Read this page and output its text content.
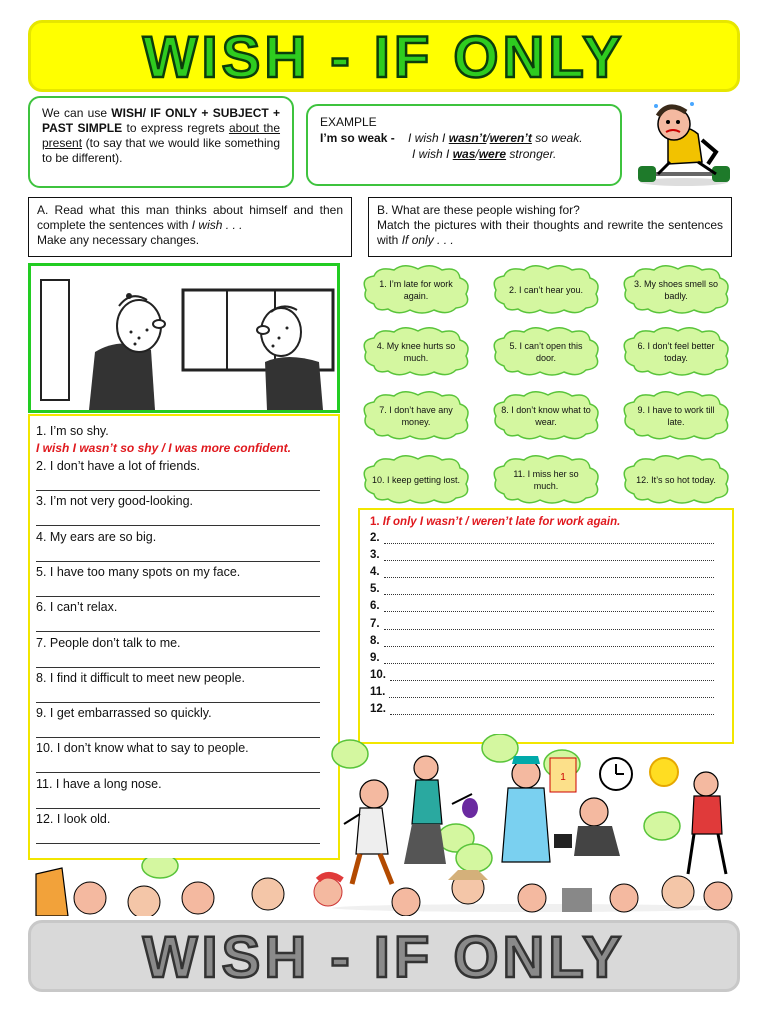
WISH - IF ONLY
We can use WISH/ IF ONLY + SUBJECT + PAST SIMPLE to express regrets about the present (to say that we would like something to be different).
EXAMPLE
I’m so weak - I wish I wasn’t/weren’t so weak.
I wish I was/were stronger.
A. Read what this man thinks about himself and then complete the sentences with I wish . . .
Make any necessary changes.
B. What are these people wishing for?
Match the pictures with their thoughts and rewrite the sentences with If only . . .
1. I’m so shy.
I wish I wasn’t so shy / I was more confident.
2. I don’t have a lot of friends.
3. I’m not very good-looking.
4. My ears are so big.
5. I have too many spots on my face.
6. I can’t relax.
7. People don’t talk to me.
8. I find it difficult to meet new people.
9. I get embarrassed so quickly.
10. I don’t know what to say to people.
11. I have a long nose.
12. I look old.
1. I’m late for work again.
2. I can’t hear you.
3. My shoes smell so badly.
4. My knee hurts so much.
5. I can’t open this door.
6. I don’t feel better today.
7. I don’t have any money.
8. I don’t know what to wear.
9. I have to work till late.
10. I keep getting lost.
11. I miss her so much.
12. It’s so hot today.
1. If only I wasn’t / weren’t late for work again.
2.
3.
4.
5.
6.
7.
8.
9.
10.
11.
12.
1
WISH - IF ONLY
